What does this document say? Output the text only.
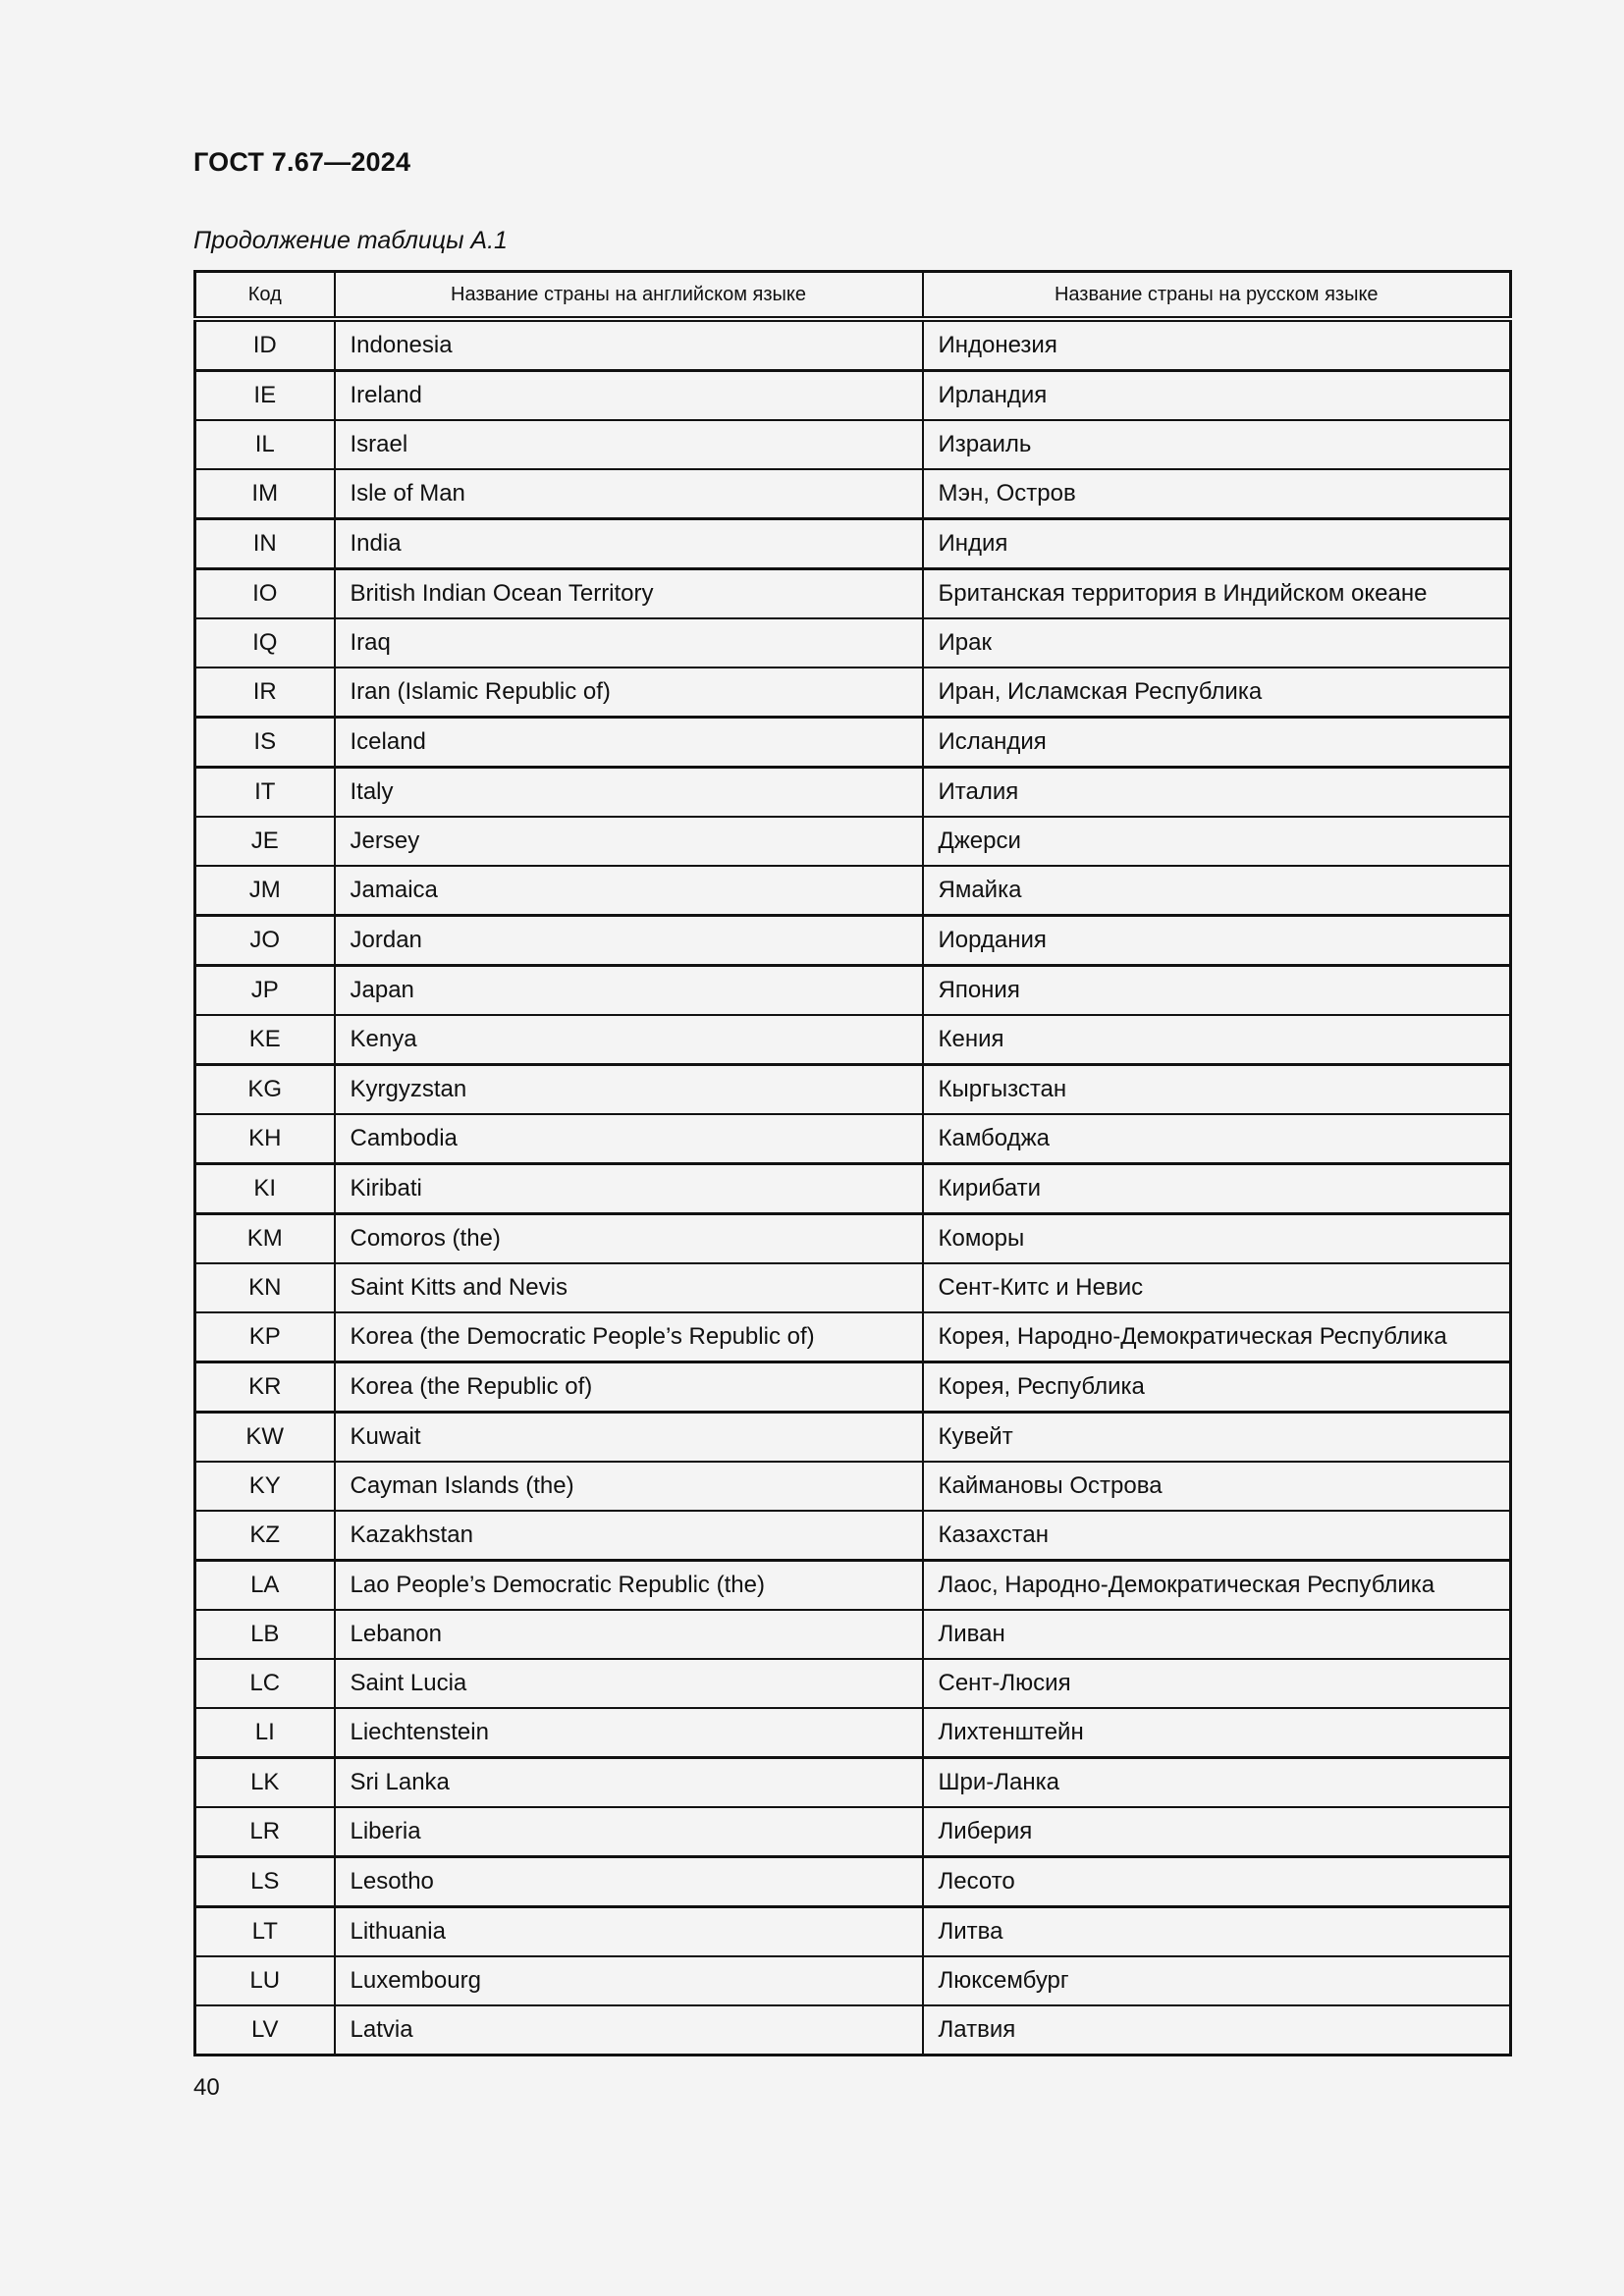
ГОСТ 7.67—2024
Продолжение таблицы А.1
Код	Название страны на английском языке	Название страны на русском языке
ID	Indonesia	Индонезия
IE	Ireland	Ирландия
IL	Israel	Израиль
IM	Isle of Man	Мэн, Остров
IN	India	Индия
IO	British Indian Ocean Territory	Британская территория в Индийском океане
IQ	Iraq	Ирак
IR	Iran (Islamic Republic of)	Иран, Исламская Республика
IS	Iceland	Исландия
IT	Italy	Италия
JE	Jersey	Джерси
JM	Jamaica	Ямайка
JO	Jordan	Иордания
JP	Japan	Япония
KE	Kenya	Кения
KG	Kyrgyzstan	Кыргызстан
KH	Cambodia	Камбоджа
KI	Kiribati	Кирибати
KM	Comoros (the)	Коморы
KN	Saint Kitts and Nevis	Сент-Китс и Невис
KP	Korea (the Democratic People’s Republic of)	Корея, Народно-Демократическая Республика
KR	Korea (the Republic of)	Корея, Республика
KW	Kuwait	Кувейт
KY	Cayman Islands (the)	Каймановы Острова
KZ	Kazakhstan	Казахстан
LA	Lao People’s Democratic Republic (the)	Лаос, Народно-Демократическая Республика
LB	Lebanon	Ливан
LC	Saint Lucia	Сент-Люсия
LI	Liechtenstein	Лихтенштейн
LK	Sri Lanka	Шри-Ланка
LR	Liberia	Либерия
LS	Lesotho	Лесото
LT	Lithuania	Литва
LU	Luxembourg	Люксембург
LV	Latvia	Латвия
40
